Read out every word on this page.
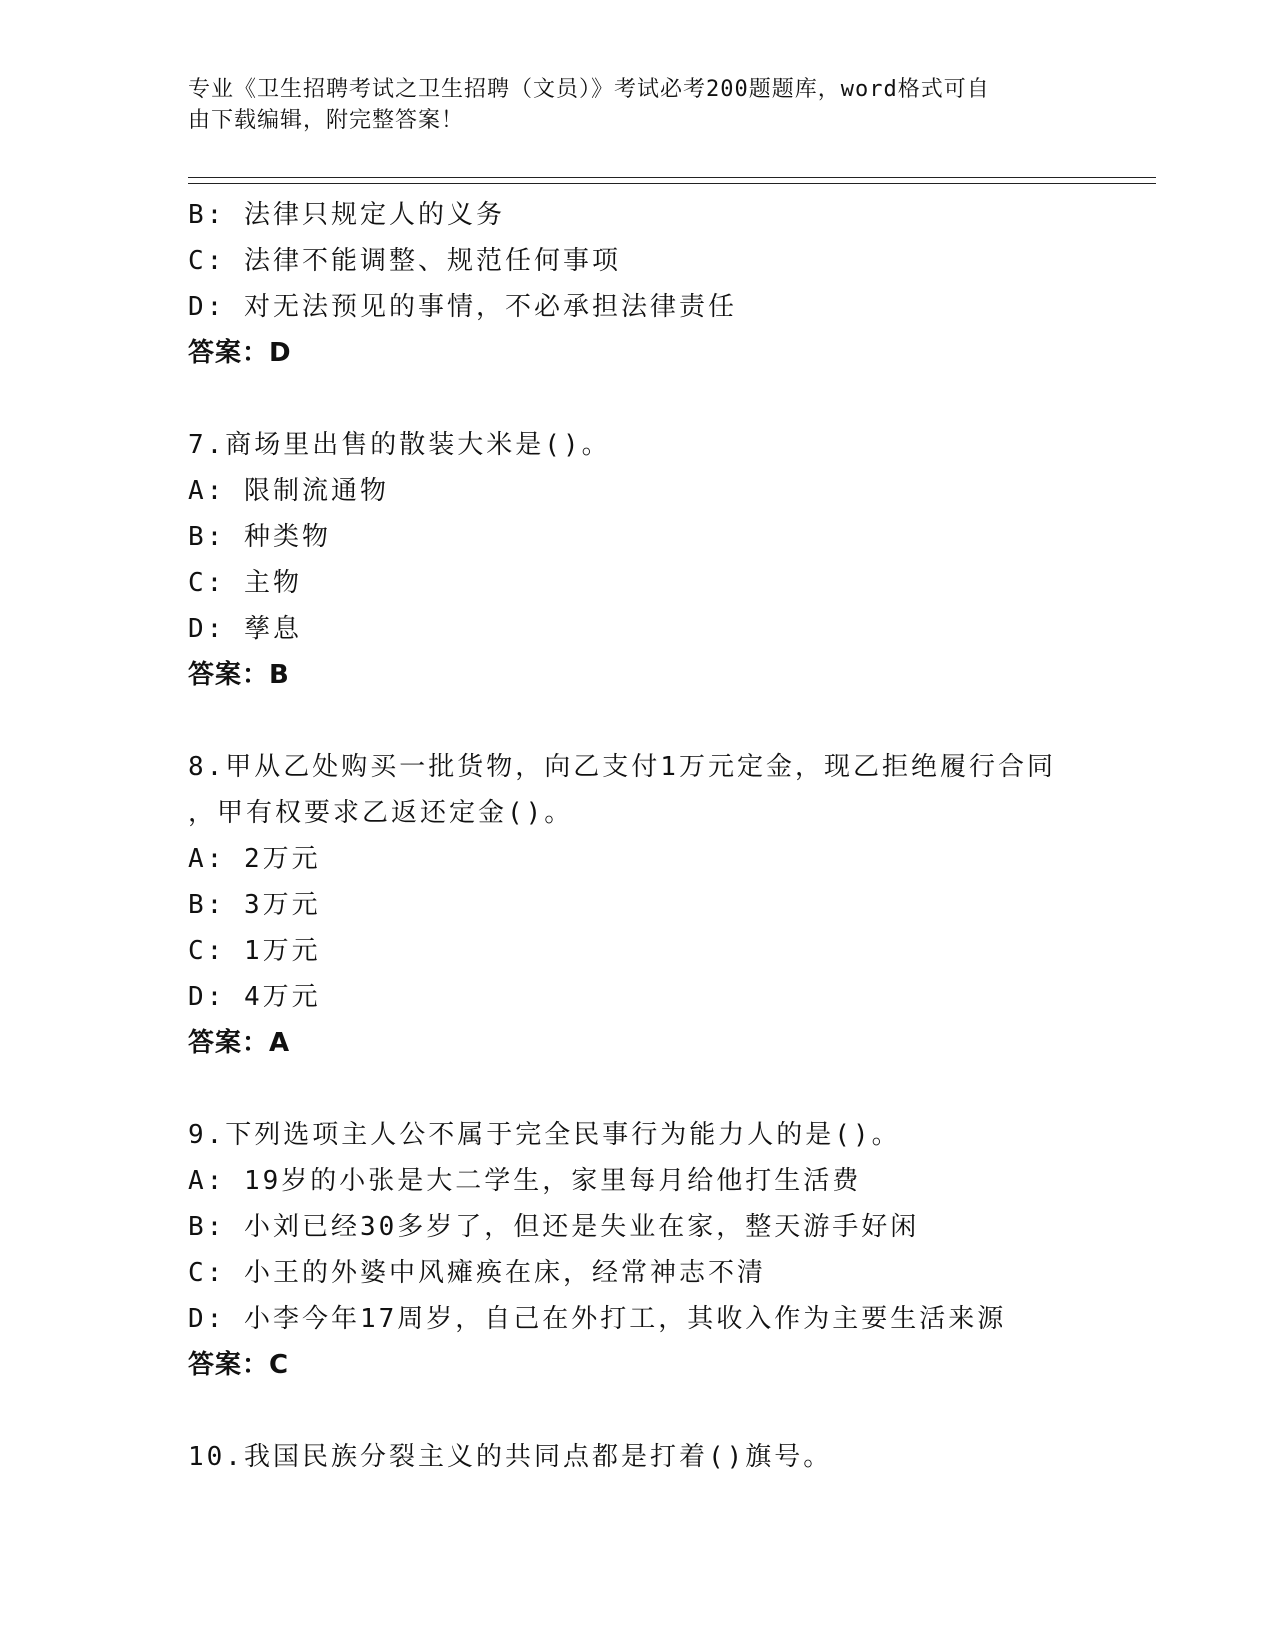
专业《卫生招聘考试之卫生招聘（文员）》考试必考200题题库，word格式可自
由下载编辑，附完整答案！
B: 法律只规定人的义务
C: 法律不能调整、规范任何事项
D: 对无法预见的事情，不必承担法律责任
答案：D
7.商场里出售的散装大米是()。
A: 限制流通物
B: 种类物
C: 主物
D: 孳息
答案：B
8.甲从乙处购买一批货物，向乙支付1万元定金，现乙拒绝履行合同
，甲有权要求乙返还定金()。
A: 2万元
B: 3万元
C: 1万元
D: 4万元
答案：A
9.下列选项主人公不属于完全民事行为能力人的是()。
A: 19岁的小张是大二学生，家里每月给他打生活费
B: 小刘已经30多岁了，但还是失业在家，整天游手好闲
C: 小王的外婆中风瘫痪在床，经常神志不清
D: 小李今年17周岁，自己在外打工，其收入作为主要生活来源
答案：C
10.我国民族分裂主义的共同点都是打着()旗号。
